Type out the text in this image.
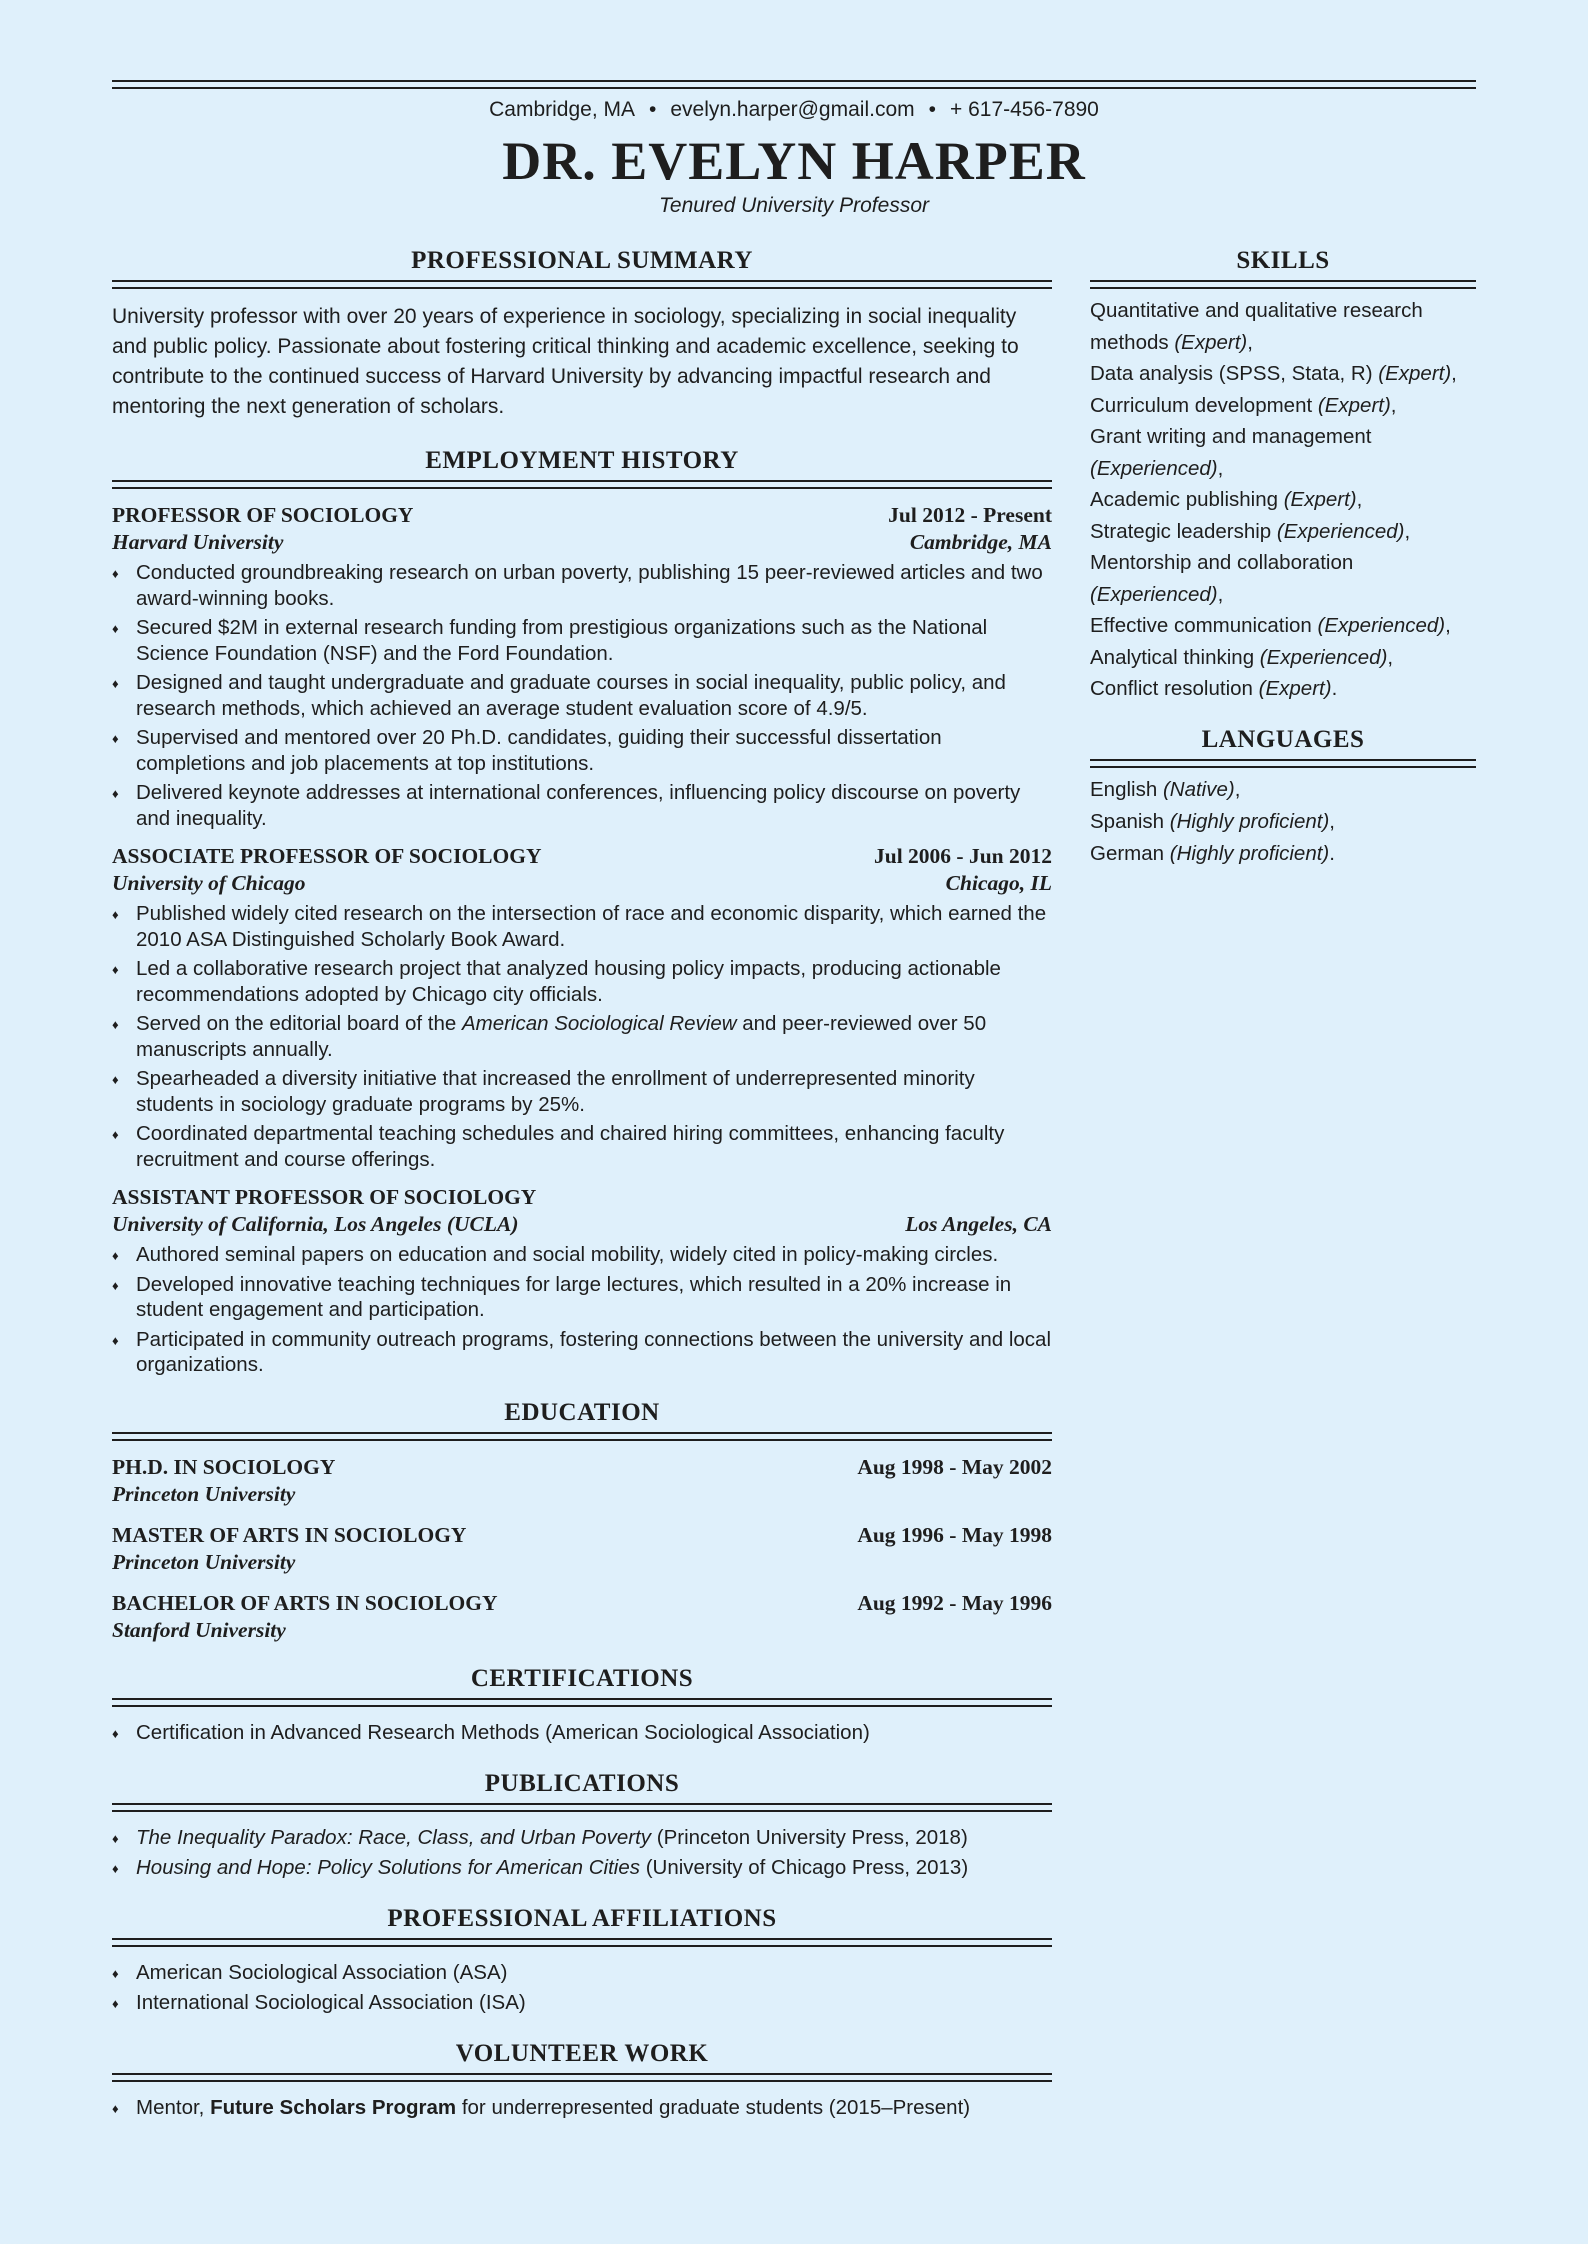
Cambridge, MA • evelyn.harper@gmail.com • + 617-456-7890
DR. EVELYN HARPER
Tenured University Professor
PROFESSIONAL SUMMARY

University professor with over 20 years of experience in sociology, specializing in social inequality and public policy. Passionate about fostering critical thinking and academic excellence, seeking to contribute to the continued success of Harvard University by advancing impactful research and mentoring the next generation of scholars.

EMPLOYMENT HISTORY
PROFESSOR OF SOCIOLOGY	Jul 2012 - Present
Harvard University	Cambridge, MA
♦ Conducted groundbreaking research on urban poverty, publishing 15 peer-reviewed articles and two award-winning books.
♦ Secured $2M in external research funding from prestigious organizations such as the National Science Foundation (NSF) and the Ford Foundation.
♦ Designed and taught undergraduate and graduate courses in social inequality, public policy, and research methods, which achieved an average student evaluation score of 4.9/5.
♦ Supervised and mentored over 20 Ph.D. candidates, guiding their successful dissertation completions and job placements at top institutions.
♦ Delivered keynote addresses at international conferences, influencing policy discourse on poverty and inequality.
ASSOCIATE PROFESSOR OF SOCIOLOGY	Jul 2006 - Jun 2012
University of Chicago	Chicago, IL
♦ Published widely cited research on the intersection of race and economic disparity, which earned the 2010 ASA Distinguished Scholarly Book Award.
♦ Led a collaborative research project that analyzed housing policy impacts, producing actionable recommendations adopted by Chicago city officials.
♦ Served on the editorial board of the American Sociological Review and peer-reviewed over 50 manuscripts annually.
♦ Spearheaded a diversity initiative that increased the enrollment of underrepresented minority students in sociology graduate programs by 25%.
♦ Coordinated departmental teaching schedules and chaired hiring committees, enhancing faculty recruitment and course offerings.
ASSISTANT PROFESSOR OF SOCIOLOGY
University of California, Los Angeles (UCLA)	Los Angeles, CA
♦ Authored seminal papers on education and social mobility, widely cited in policy-making circles.
♦ Developed innovative teaching techniques for large lectures, which resulted in a 20% increase in student engagement and participation.
♦ Participated in community outreach programs, fostering connections between the university and local organizations.
EDUCATION
PH.D. IN SOCIOLOGY	Aug 1998 - May 2002
Princeton University
MASTER OF ARTS IN SOCIOLOGY	Aug 1996 - May 1998
Princeton University
BACHELOR OF ARTS IN SOCIOLOGY	Aug 1992 - May 1996
Stanford University
CERTIFICATIONS
♦ Certification in Advanced Research Methods (American Sociological Association)
PUBLICATIONS
♦ The Inequality Paradox: Race, Class, and Urban Poverty (Princeton University Press, 2018)
♦ Housing and Hope: Policy Solutions for American Cities (University of Chicago Press, 2013)
PROFESSIONAL AFFILIATIONS
♦ American Sociological Association (ASA)
♦ International Sociological Association (ISA)
VOLUNTEER WORK
♦ Mentor, Future Scholars Program for underrepresented graduate students (2015–Present)
SKILLS
Quantitative and qualitative research methods (Expert),
Data analysis (SPSS, Stata, R) (Expert),
Curriculum development (Expert),
Grant writing and management (Experienced),
Academic publishing (Expert),
Strategic leadership (Experienced),
Mentorship and collaboration (Experienced),
Effective communication (Experienced),
Analytical thinking (Experienced),
Conflict resolution (Expert).
LANGUAGES
English (Native),
Spanish (Highly proficient),
German (Highly proficient).
